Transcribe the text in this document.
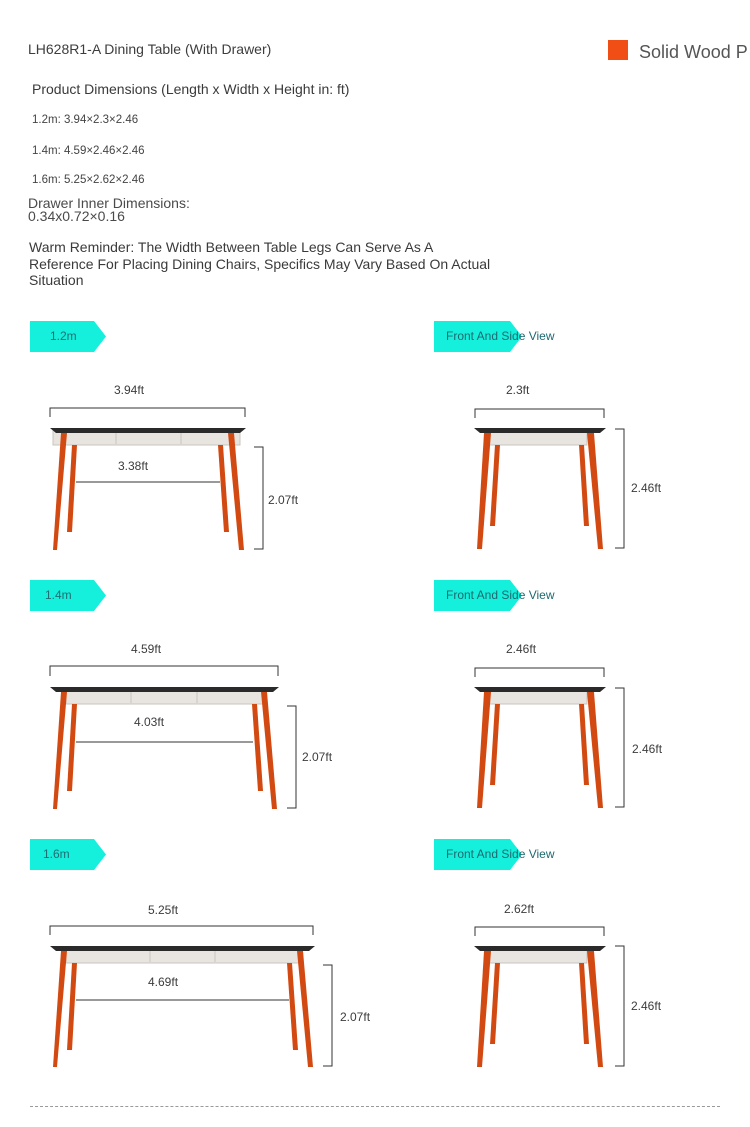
LH628R1-A Dining Table (With Drawer)	Solid Wood P
Product Dimensions (Length x Width x Height in: ft)
1.2m: 3.94×2.3×2.46
1.4m: 4.59×2.46×2.46
1.6m: 5.25×2.62×2.46
Drawer Inner Dimensions:
0.34x0.72×0.16
Warm Reminder: The Width Between Table Legs Can Serve As A Reference For Placing Dining Chairs, Specifics May Vary Based On Actual Situation
1.2m	Front And Side View
1.4m	Front And Side View
1.6m	Front And Side View
3.94ft
3.38ft
2.07ft
2.3ft
2.46ft
4.59ft
4.03ft
2.07ft
2.46ft
2.46ft
5.25ft
4.69ft
2.07ft
2.62ft
2.46ft
